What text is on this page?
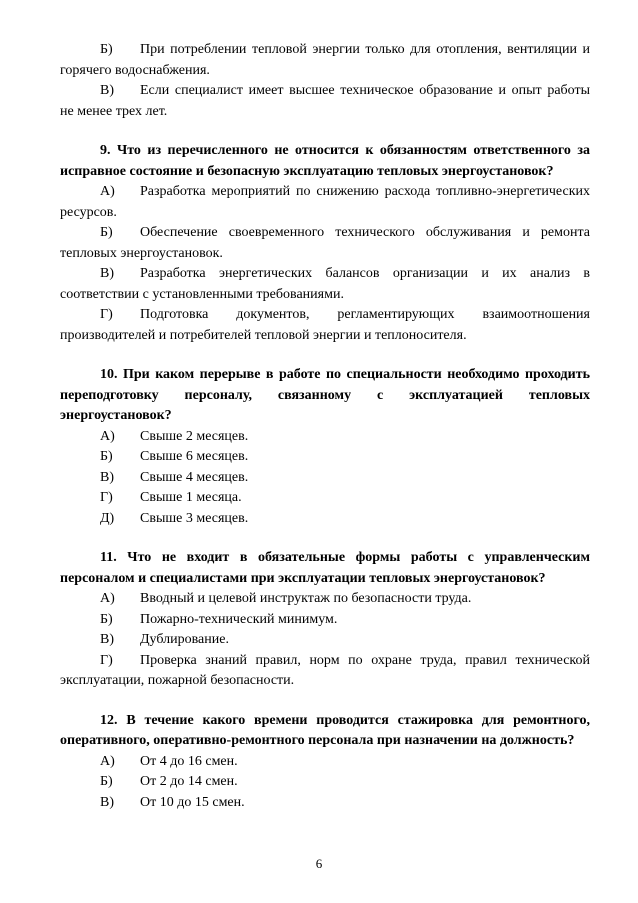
Б) При потреблении тепловой энергии только для отопления, вентиляции и горячего водоснабжения.

В) Если специалист имеет высшее техническое образование и опыт работы не менее трех лет.

9. Что из перечисленного не относится к обязанностям ответственного за исправное состояние и безопасную эксплуатацию тепловых энергоустановок?

А) Разработка мероприятий по снижению расхода топливно-энергетических ресурсов.

Б) Обеспечение своевременного технического обслуживания и ремонта тепловых энергоустановок.

В) Разработка энергетических балансов организации и их анализ в соответствии с установленными требованиями.

Г) Подготовка документов, регламентирующих взаимоотношения производителей и потребителей тепловой энергии и теплоносителя.

10. При каком перерыве в работе по специальности необходимо проходить переподготовку персоналу, связанному с эксплуатацией тепловых энергоустановок?

А) Свыше 2 месяцев.

Б) Свыше 6 месяцев.

В) Свыше 4 месяцев.

Г) Свыше 1 месяца.

Д) Свыше 3 месяцев.

11. Что не входит в обязательные формы работы с управленческим персоналом и специалистами при эксплуатации тепловых энергоустановок?

А) Вводный и целевой инструктаж по безопасности труда.

Б) Пожарно-технический минимум.

В) Дублирование.

Г) Проверка знаний правил, норм по охране труда, правил технической эксплуатации, пожарной безопасности.

12. В течение какого времени проводится стажировка для ремонтного, оперативного, оперативно-ремонтного персонала при назначении на должность?

А) От 4 до 16 смен.

Б) От 2 до 14 смен.

В) От 10 до 15 смен.

6
